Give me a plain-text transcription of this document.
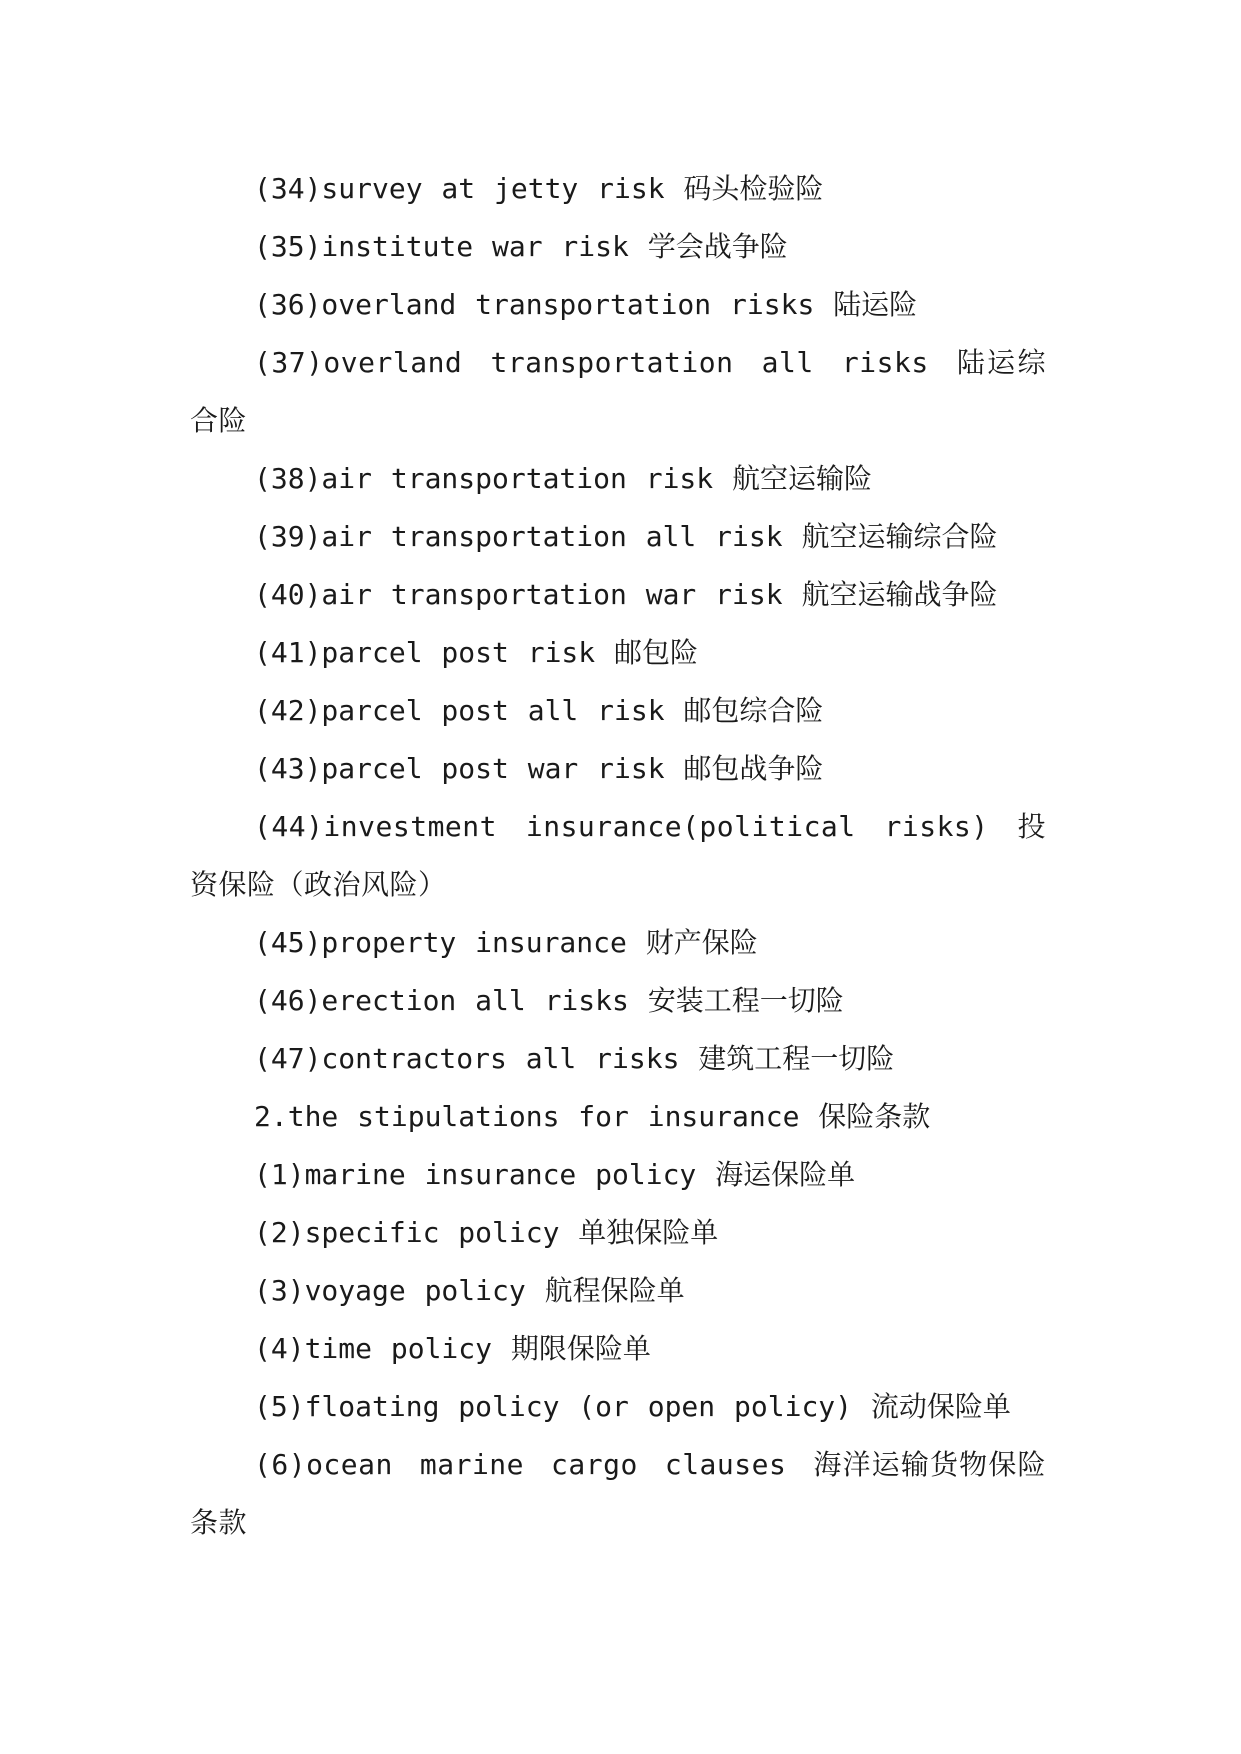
(34)survey at jetty risk 码头检验险

(35)institute war risk 学会战争险

(36)overland transportation risks 陆运险

(37)overland transportation all risks 陆运综合险

(38)air transportation risk 航空运输险

(39)air transportation all risk 航空运输综合险

(40)air transportation war risk 航空运输战争险

(41)parcel post risk 邮包险

(42)parcel post all risk 邮包综合险

(43)parcel post war risk 邮包战争险

(44)investment insurance(political risks) 投资保险（政治风险）

(45)property insurance 财产保险

(46)erection all risks 安装工程一切险

(47)contractors all risks 建筑工程一切险

2.the stipulations for insurance 保险条款

(1)marine insurance policy 海运保险单

(2)specific policy 单独保险单

(3)voyage policy 航程保险单

(4)time policy 期限保险单

(5)floating policy (or open policy) 流动保险单

(6)ocean marine cargo clauses 海洋运输货物保险条款
